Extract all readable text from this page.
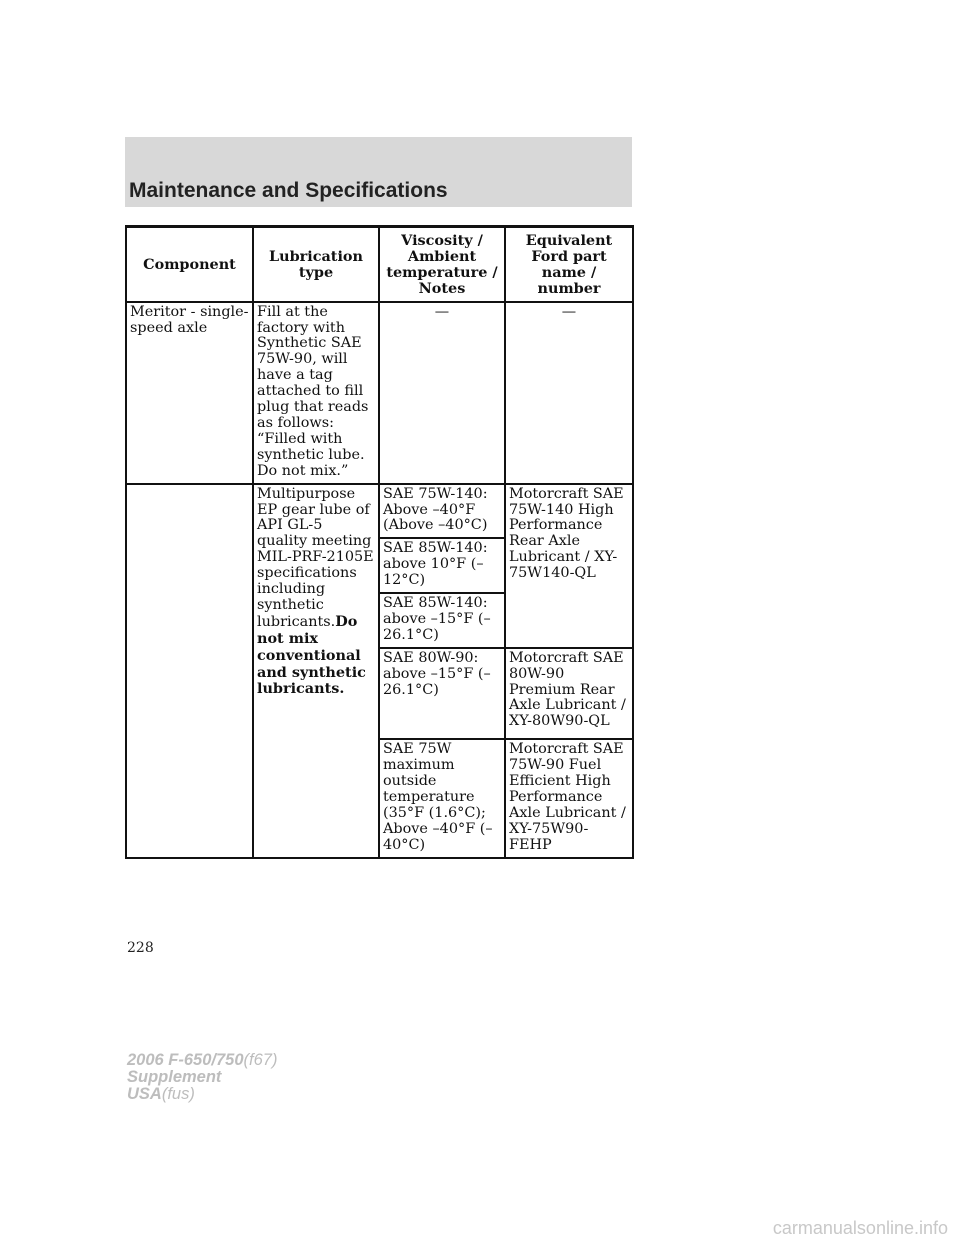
Maintenance and Specifications
Component	Lubrication type	Viscosity / Ambient temperature / Notes	Equivalent Ford part name / number
Meritor - single-speed axle	Fill at the factory with Synthetic SAE 75W-90, will have a tag attached to fill plug that reads as follows: “Filled with synthetic lube. Do not mix.”	—	—
	Multipurpose EP gear lube of API GL-5 quality meeting MIL-PRF-2105E specifications including synthetic lubricants.Do not mix conventional and synthetic lubricants.	SAE 75W-140: Above –40°F (Above –40°C)	Motorcraft SAE 75W-140 High Performance Rear Axle Lubricant / XY-75W140-QL
		SAE 85W-140: above 10°F (–12°C)	
		SAE 85W-140: above –15°F (–26.1°C)	
		SAE 80W-90: above –15°F (–26.1°C)	Motorcraft SAE 80W-90 Premium Rear Axle Lubricant / XY-80W90-QL
		SAE 75W maximum outside temperature (35°F (1.6°C); Above –40°F (–40°C)	Motorcraft SAE 75W-90 Fuel Efficient High Performance Axle Lubricant / XY-75W90-FEHP
228
2006 F-650/750(f67)
Supplement
USA(fus)
carmanualsonline.info
